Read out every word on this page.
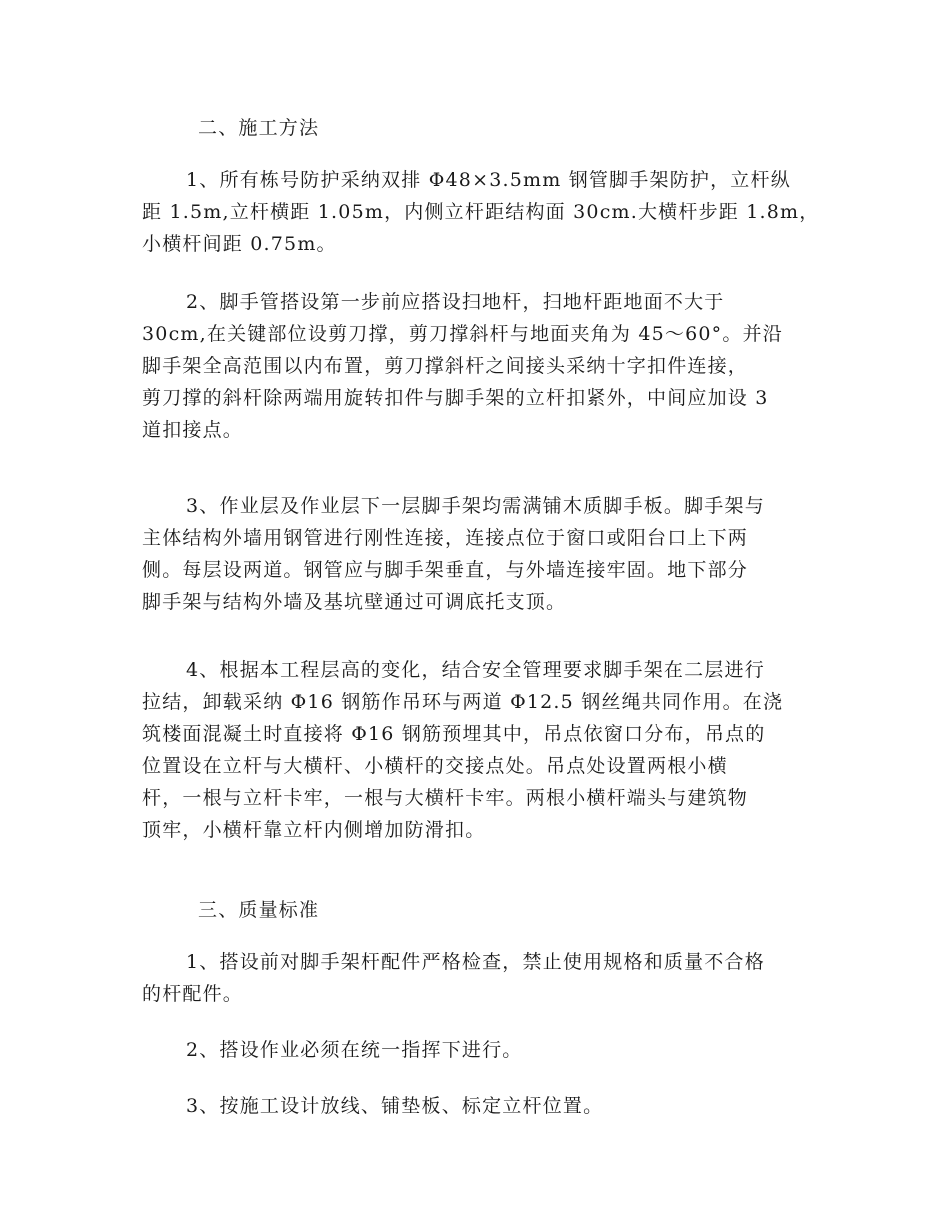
二、施工方法

1、所有栋号防护采纳双排 Φ48×3.5mm 钢管脚手架防护，立杆纵
距 1.5m,立杆横距 1.05m，内侧立杆距结构面 30cm.大横杆步距 1.8m，
小横杆间距 0.75m。

2、脚手管搭设第一步前应搭设扫地杆，扫地杆距地面不大于
30cm,在关键部位设剪刀撑，剪刀撑斜杆与地面夹角为 45～60°。并沿
脚手架全高范围以内布置，剪刀撑斜杆之间接头采纳十字扣件连接，
剪刀撑的斜杆除两端用旋转扣件与脚手架的立杆扣紧外，中间应加设 3
道扣接点。

3、作业层及作业层下一层脚手架均需满铺木质脚手板。脚手架与
主体结构外墙用钢管进行刚性连接，连接点位于窗口或阳台口上下两
侧。每层设两道。钢管应与脚手架垂直，与外墙连接牢固。地下部分
脚手架与结构外墙及基坑壁通过可调底托支顶。

4、根据本工程层高的变化，结合安全管理要求脚手架在二层进行
拉结，卸载采纳 Φ16 钢筋作吊环与两道 Φ12.5 钢丝绳共同作用。在浇
筑楼面混凝土时直接将 Φ16 钢筋预埋其中，吊点依窗口分布，吊点的
位置设在立杆与大横杆、小横杆的交接点处。吊点处设置两根小横
杆，一根与立杆卡牢，一根与大横杆卡牢。两根小横杆端头与建筑物
顶牢，小横杆靠立杆内侧增加防滑扣。

三、质量标准

1、搭设前对脚手架杆配件严格检查，禁止使用规格和质量不合格
的杆配件。

2、搭设作业必须在统一指挥下进行。

3、按施工设计放线、铺垫板、标定立杆位置。
